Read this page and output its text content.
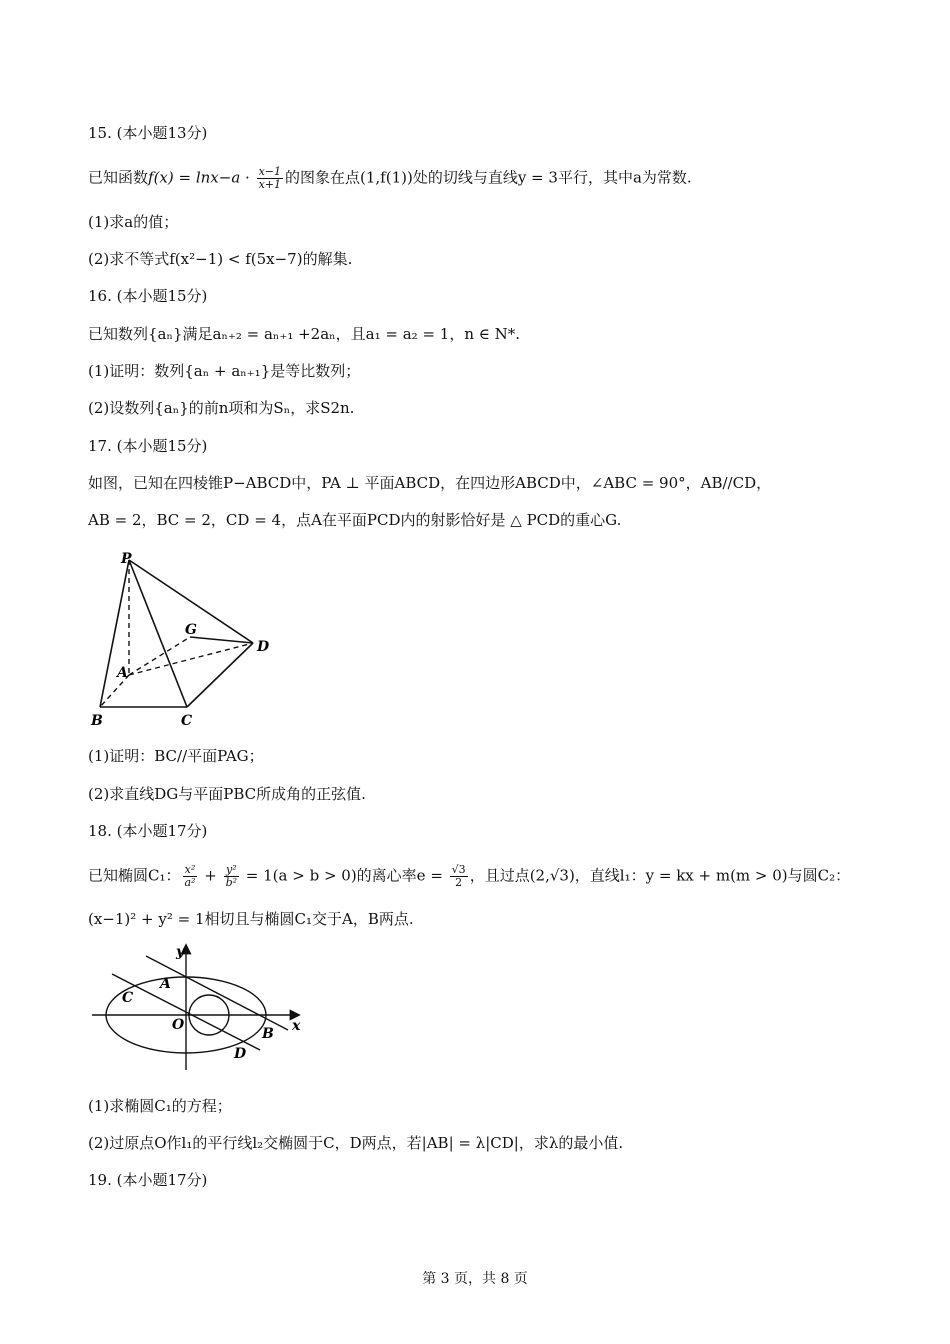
15. (本小题13分)
已知函数$f(x) = \ln x-a \cdot \frac{x-1}{x+1}$ 的图象在点(1,f(1))处的切线与直线y = 3平行，其中a为常数.
(1)求a的值；
(2)求不等式f(x²−1) < f(5x−7)的解集.
16. (本小题15分)
已知数列{aₙ}满足aₙ₊₂ = aₙ₊₁ +2aₙ，且a₁ = a₂ = 1，n ∈ N*.
(1)证明：数列{aₙ + aₙ₊₁}是等比数列；
(2)设数列{aₙ}的前n项和为Sₙ，求S2n.
17. (本小题15分)
如图，已知在四棱锥P−ABCD中，PA ⊥ 平面ABCD，在四边形ABCD中，∠ABC = 90°，AB//CD，
AB = 2，BC = 2，CD = 4，点A在平面PCD内的射影恰好是 △ PCD的重心G.
P
G
D
A
B	C
(1)证明：BC//平面PAG；
(2)求直线DG与平面PBC所成角的正弦值.
18. (本小题17分)
已知椭圆C₁： $\frac{\text{x²}}{\text{a²}} + \frac{\text{y²}}{\text{b²}} = 1(a > b > 0)$的离心率$e = \frac{√3}{2}$ ，且过点(2,√3)，直线l₁：y = kx + m(m > 0)与圆C₂：
(x−1)² + y² = 1相切且与椭圆C₁交于A，B两点.
y
x
O
A
B
C
D
(1)求椭圆C₁的方程；
(2)过原点O作l₁的平行线l₂交椭圆于C，D两点，若|AB| = λ|CD|，求λ的最小值.
19. (本小题17分)
第 3 页，共 8 页
